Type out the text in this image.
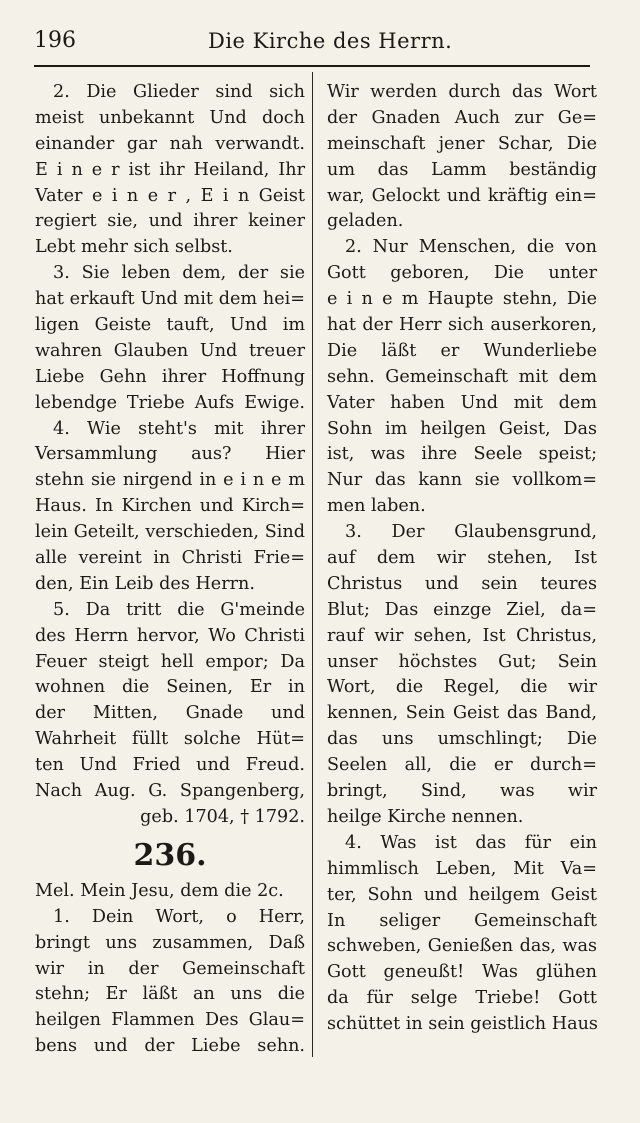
196	Die Kirche des Herrn.
2. Die Glieder sind sich
meist unbekannt Und doch
einander gar nah verwandt.
E i n e r ist ihr Heiland, Ihr
Vater e i n e r , E i n Geist
regiert sie, und ihrer keiner
Lebt mehr sich selbst.
3. Sie leben dem, der sie
hat erkauft Und mit dem hei=
ligen Geiste tauft, Und im
wahren Glauben Und treuer
Liebe Gehn ihrer Hoffnung
lebendge Triebe Aufs Ewige.
4. Wie steht's mit ihrer
Versammlung aus? Hier
stehn sie nirgend in e i n e m
Haus. In Kirchen und Kirch=
lein Geteilt, verschieden, Sind
alle vereint in Christi Frie=
den, Ein Leib des Herrn.
5. Da tritt die G'meinde
des Herrn hervor, Wo Christi
Feuer steigt hell empor; Da
wohnen die Seinen, Er in
der Mitten, Gnade und
Wahrheit füllt solche Hüt=
ten Und Fried und Freud.
Nach Aug. G. Spangenberg,
geb. 1704, † 1792.
236.
Mel. Mein Jesu, dem die 2c.
1. Dein Wort, o Herr,
bringt uns zusammen, Daß
wir in der Gemeinschaft
stehn; Er läßt an uns die
heilgen Flammen Des Glau=
bens und der Liebe sehn.
Wir werden durch das Wort
der Gnaden Auch zur Ge=
meinschaft jener Schar, Die
um das Lamm beständig
war, Gelockt und kräftig ein=
geladen.
2. Nur Menschen, die von
Gott geboren, Die unter
e i n e m Haupte stehn, Die
hat der Herr sich auserkoren,
Die läßt er Wunderliebe
sehn. Gemeinschaft mit dem
Vater haben Und mit dem
Sohn im heilgen Geist, Das
ist, was ihre Seele speist;
Nur das kann sie vollkom=
men laben.
3. Der Glaubensgrund,
auf dem wir stehen, Ist
Christus und sein teures
Blut; Das einzge Ziel, da=
rauf wir sehen, Ist Christus,
unser höchstes Gut; Sein
Wort, die Regel, die wir
kennen, Sein Geist das Band,
das uns umschlingt; Die
Seelen all, die er durch=
bringt, Sind, was wir
heilge Kirche nennen.
4. Was ist das für ein
himmlisch Leben, Mit Va=
ter, Sohn und heilgem Geist
In seliger Gemeinschaft
schweben, Genießen das, was
Gott geneußt! Was glühen
da für selge Triebe! Gott
schüttet in sein geistlich Haus
